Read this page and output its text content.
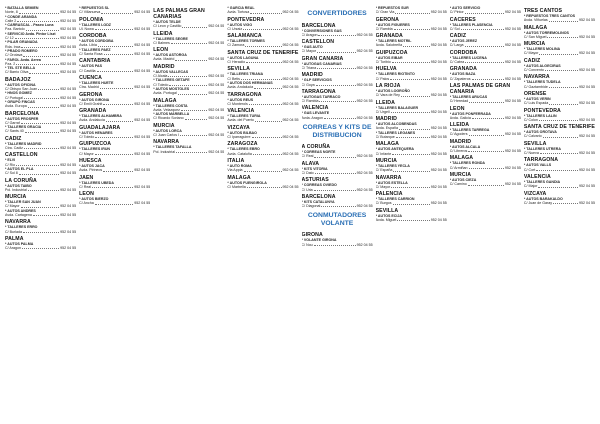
* BATALLA SEMIEN
Norte, 8	952 04 55
* CONDE ARANDA
Calle 2	952 04 55
* CARRASCAL - Paseo Luna
Pza. Bartolo	952 04 55
* SERVICIO Avda. Pintor Liszt
C/ 12	952 04 55
* PILAR GRANADA
Rda. Inca	952 04 55
* PRADO ROMERO
C/ Orotava	952 04 55
* FAROL Avda. Aerea
Pza. 2	952 04 55
* TEL STE BELLA
C/ Barrio Oliva	952 04 55
BADAJOZ
* AUTOS OFICINA
C/ Obispo San Juan	952 04 55
* HNOS GOMEZ
C/ Portugal	952 04 55
* GRUPO FINCAS
Avda. Europa	952 04 55
BARCELONA
* AUTOS PROSPER
C/ Garraf	952 04 55
* TALLERES GRACIA
C/ Sants 40	952 04 55
CADIZ
* TALLERES MADRID
Ctra. Cadiz	952 04 55
CASTELLON
* ELVI
C/ Rio	952 04 55
* AUTOS EL PLA
C/ Sol 8	952 04 55
LA CORUÑA
* AUTOS TAIBO
Pol. Industrial	952 04 55
MURCIA
* TALLER SAN JUAN
C/ Mayor	952 04 55
* AUTOS ANDRES
Avda. Cartagena	952 04 55
NAVARRA
* TALLERES ERRO
C/ Burlada	952 04 55
PALMA
* AUTOS PALMA
C/ Aragon	952 04 55
* REPUESTOS SL
C/ Villanueva	952 04 55
POLONIA
* TALLERES LODZ
Ul. Nowa	952 04 55
CORDOBA
* AUTOS CORDOBA
Avda. Libia	952 04 55
* TALLERES PAEZ
C/ Santa Rosa	952 04 55
CANTABRIA
* AUTOS PAS
C/ Castilla	952 04 55
CUENCA
* TALLERES HUETE
Ctra. Madrid	952 04 55
GERONA
* AUTOS GIRONA
C/ Emili Grahit	952 04 55
GRANADA
* TALLERES ALHAMBRA
Avda. Andalucia	952 04 55
GUADALAJARA
* AUTOS HENARES
C/ Toledo	952 04 55
GUIPUZCOA
* TALLERES IRUN
C/ Mayor	952 04 55
HUESCA
* AUTOS JACA
Avda. Pirineos	952 04 55
JAEN
* TALLERES UBEDA
C/ Real	952 04 55
LEON
* AUTOS BIERZO
C/ Ancha	952 04 55
LAS PALMAS GRAN CANARIAS
* AUTOS TELDE
C/ Leon y Castillo	952 04 55
LLEIDA
* TALLERES SEGRE
C/ Balmes	952 04 55
LEON
* AUTOS ASTORGA
Avda. Madrid	952 04 55
MADRID
* AUTOS VALLECAS
C/ Alcala	952 04 55
* TALLERES GETAFE
C/ Toledo	952 04 55
* AUTOS MOSTOLES
Avda. Portugal	952 04 55
MALAGA
* TALLERES COSTA
Avda. Velazquez	952 04 55
* AUTOS MARBELLA
C/ Ricardo Soriano	952 04 55
MURCIA
* AUTOS LORCA
C/ Juan Carlos I	952 04 55
NAVARRA
* TALLERES TAFALLA
Pol. Industrial	952 04 55
* GARCIA REAL
Avda. Tortosa	952 04 55
PONTEVEDRA
* AUTOS VIGO
C/ Urzaiz	952 04 55
SALAMANCA
* TALLERES TORMES
C/ Zamora	952 04 55
SANTA CRUZ DE TENERIFE
* AUTOS LAGUNA
C/ Heraclio	952 04 55
SEVILLA
* TALLERES TRIANA
C/ Betis	952 04 55
* AUTOS DOS HERMANAS
Avda. Andalucia	952 04 55
TARRAGONA
* AUTOS REUS
C/ Monterols	952 04 55
VALENCIA
* TALLERES TURIA
Avda. del Puerto	952 04 55
VIZCAYA
* AUTOS BILBAO
C/ Iparraguirre	952 04 55
ZARAGOZA
* TALLERES EBRO
Avda. Cataluña	952 04 55
ITALIA
* AUTO ROMA
Via Appia	952 04 55
MALAGA
* AUTOS FUENGIROLA
C/ Marbella	952 04 55
CONVERTIDORES
BARCELONA
* CONVERSIONES GAS
C/ Aragon	952 04 55
CASTELLON
* GAS AUTO
C/ Mayor	952 04 55
GRAN CANARIA
* AUTOGAS CANARIAS
C/ Triana	952 04 55
MADRID
* GLP SERVICIOS
C/ Goya	952 04 55
TARRAGONA
* AUTOGAS TARRACO
C/ Rambla	952 04 55
VALENCIA
* GAS LEVANTE
Avda. Aragon	952 04 55
CORREAS Y KITS DE DISTRIBUCION
A CORUÑA
* CORREAS NORTE
C/ Real	952 04 55
ALAVA
* KITS VITORIA
C/ Dato	952 04 55
ASTURIAS
* CORREAS OVIEDO
C/ Uria	952 04 55
BARCELONA
* KITS CATALUNYA
C/ Diagonal	952 04 55
CONMUTADORES VOLANTE
GIRONA
* VOLANTE GIRONA
C/ Nou	952 04 55
* REPUESTOS SUR
C/ Gran Via	952 04 55
GERONA
* AUTOS FIGUERES
C/ Rambla	952 04 55
GRANADA
* TALLERES MOTRIL
Avda. Salobreña	952 04 55
GUIPUZCOA
* AUTOS EIBAR
C/ Toribio	952 04 55
HUELVA
* TALLERES RIOTINTO
C/ Palos	952 04 55
LA RIOJA
* AUTOS LOGROÑO
C/ Vara de Rey	952 04 55
LLEIDA
* TALLERES BALAGUER
C/ Urgell	952 04 55
MADRID
* AUTOS ALCOBENDAS
Avda. España	952 04 55
* TALLERES LEGANES
C/ Butarque	952 04 55
MALAGA
* AUTOS ANTEQUERA
C/ Infante	952 04 55
MURCIA
* TALLERES YECLA
C/ España	952 04 55
NAVARRA
* AUTOS ESTELLA
C/ Mayor	952 04 55
PALENCIA
* TALLERES CARRION
C/ Burgos	952 04 55
SEVILLA
* AUTOS ECIJA
Avda. Miguel	952 04 55
* AUTO SERVICIO
C/ Pintor	952 04 55
CACERES
* TALLERES PLASENCIA
C/ Sol	952 04 55
CADIZ
* AUTOS JEREZ
C/ Larga	952 04 55
CORDOBA
* TALLERES LUCENA
C/ Cabra	952 04 55
GRANADA
* AUTOS BAZA
C/ Zapateros	952 04 55
LAS PALMAS DE GRAN CANARIA
* TALLERES ARUCAS
C/ Heredad	952 04 55
LEON
* AUTOS PONFERRADA
Avda. Galicia	952 04 55
LLEIDA
* TALLERES TARREGA
C/ Agoders	952 04 55
MADRID
* AUTOS ALCALA
C/ Libreros	952 04 55
MALAGA
* TALLERES RONDA
C/ Armiñan	952 04 55
MURCIA
* AUTOS CIEZA
C/ Camino	952 04 55
TRES CANTOS
* REPUESTOS TRES CANTOS
Avda. Viñuelas	952 04 55
MALAGA
* AUTOS TORREMOLINOS
C/ San Miguel	952 04 55
MURCIA
* TALLERES MOLINA
C/ Mayor	952 04 55
CADIZ
* AUTOS ALGECIRAS
C/ Convento	952 04 55
NAVARRA
* TALLERES TUDELA
C/ Gaztambide	952 04 55
ORENSE
* AUTOS VERIN
C/ Luis Espada	952 04 55
PONTEVEDRA
* TALLERES LALIN
C/ Colon	952 04 55
SANTA CRUZ DE TENERIFE
* AUTOS OROTAVA
C/ Calvario	952 04 55
SEVILLA
* TALLERES UTRERA
C/ Nueva	952 04 55
TARRAGONA
* AUTOS VALLS
C/ Cort	952 04 55
VALENCIA
* TALLERES GANDIA
C/ Major	952 04 55
VIZCAYA
* AUTOS BARAKALDO
C/ Juan de Garay	952 04 55
